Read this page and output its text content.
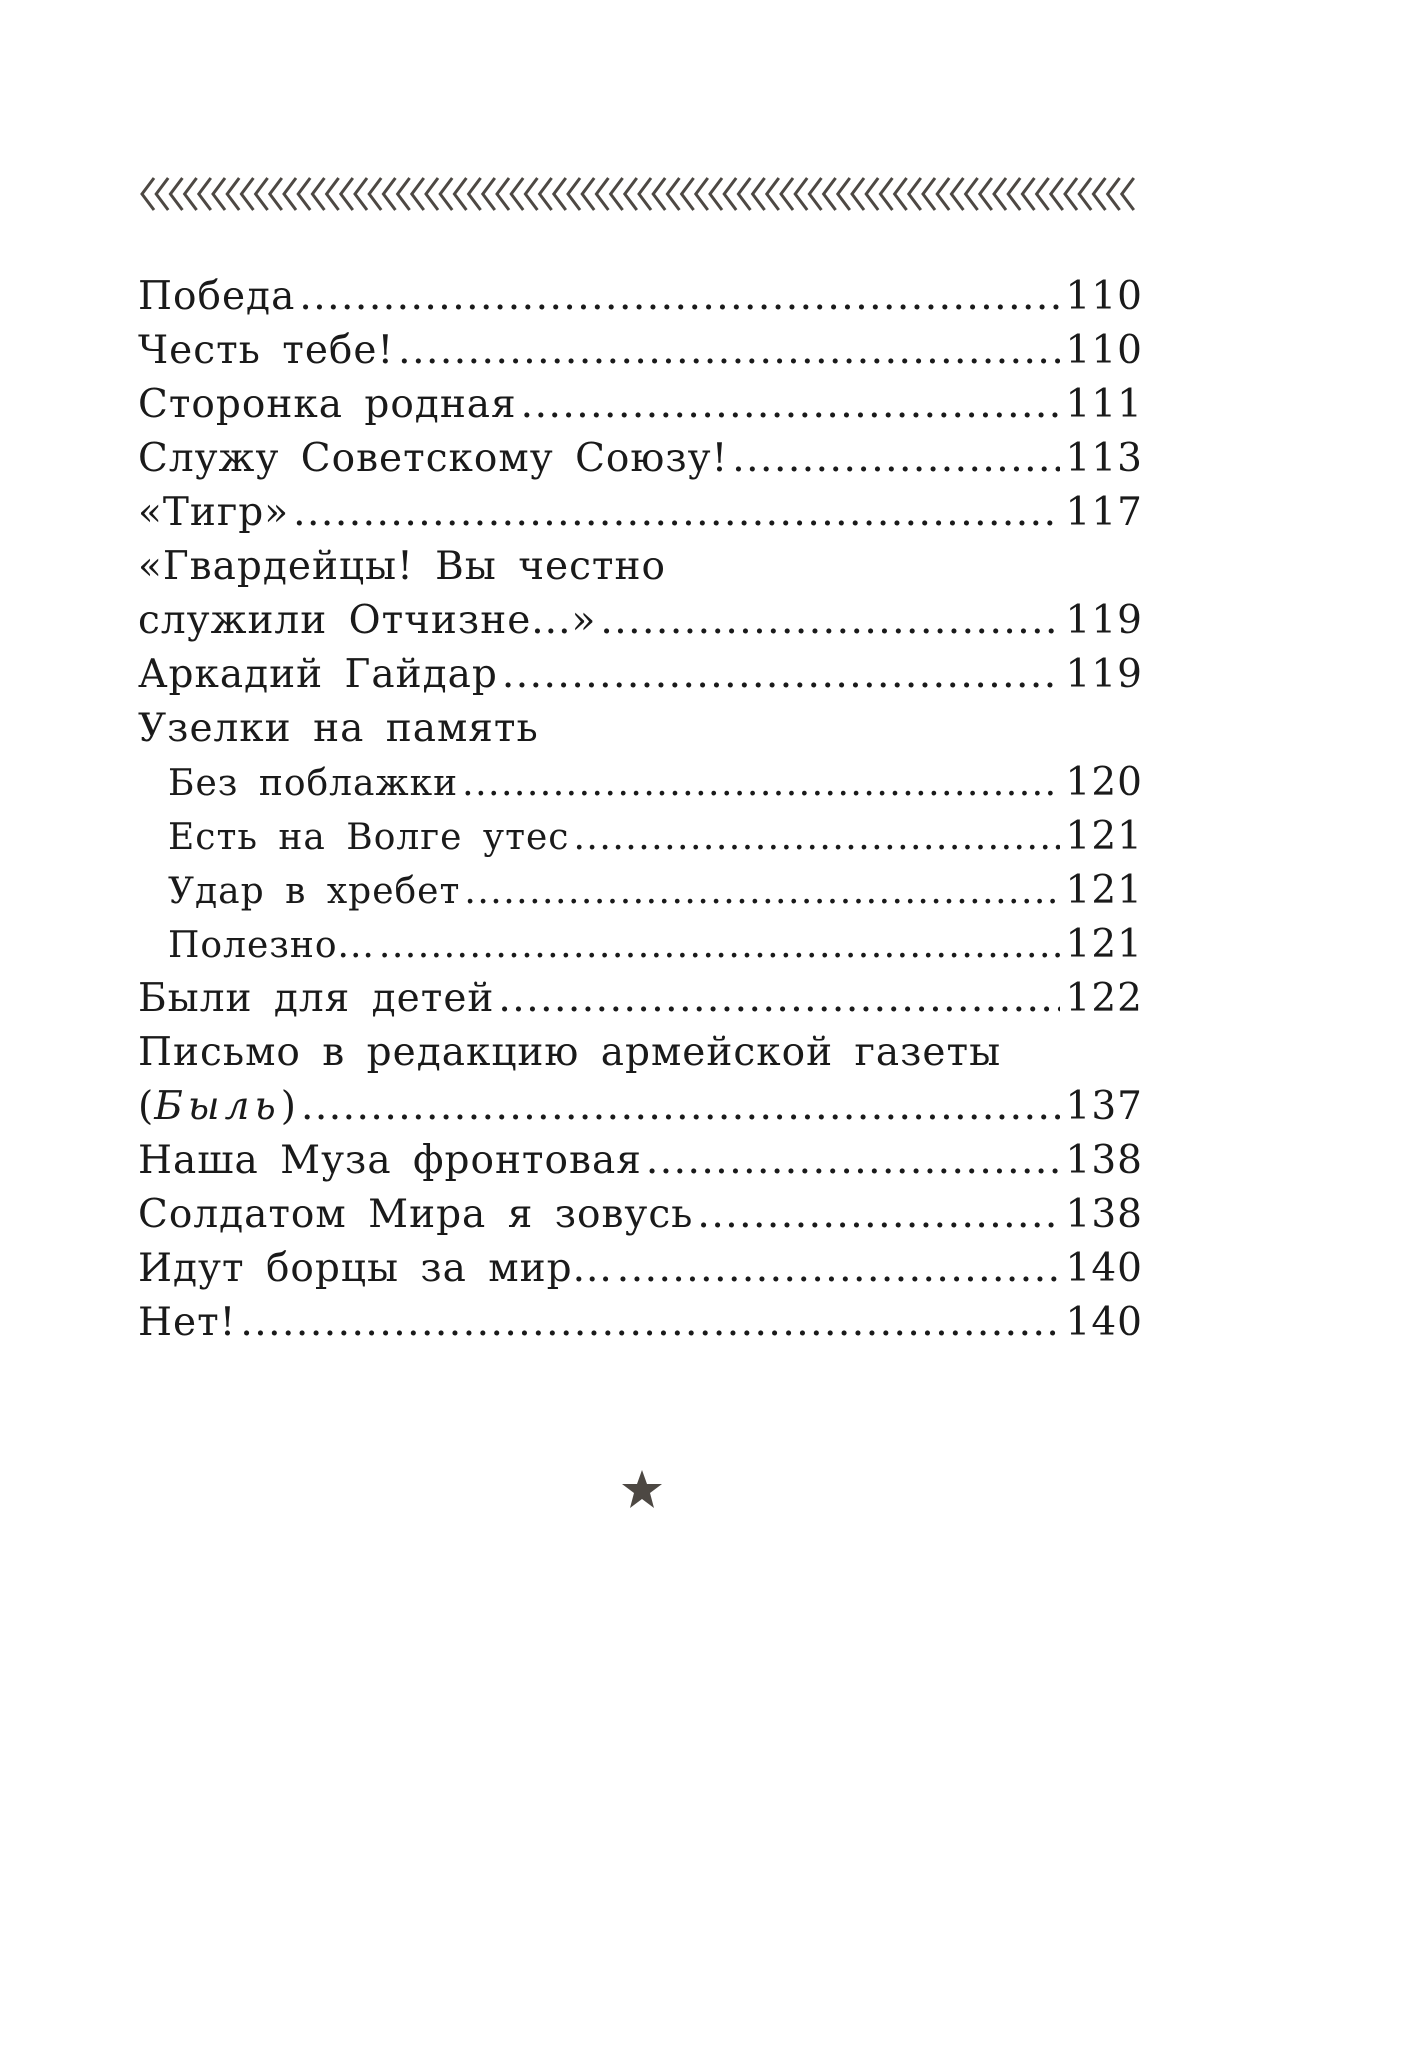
Победа .....	110
Честь тебе! .....	110
Сторонка родная .....	111
Служу Советскому Союзу! .....	113
«Тигр» .....	117
«Гвардейцы! Вы честно
служили Отчизне...» .....	119
Аркадий Гайдар .....	119
Узелки на память
Без поблажки .....	120
Есть на Волге утес .....	121
Удар в хребет .....	121
Полезно... .....	121
Были для детей .....	122
Письмо в редакцию армейской газеты
(Быль) .....	137
Наша Муза фронтовая .....	138
Солдатом Мира я зовусь .....	138
Идут борцы за мир... .....	140
Нет! .....	140
